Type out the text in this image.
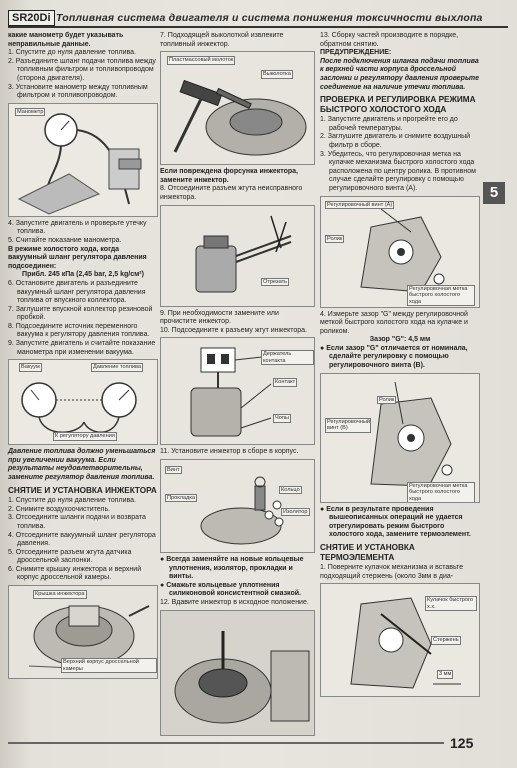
SR20Di Топливная система двигателя и система понижения токсичности выхлопа

какие манометр будет указывать неправильные данные.

1. Спустите до нуля давление топлива.
2. Разъедините шланг подачи топлива между топливным фильтром и топливопроводом (сторона двигателя).
3. Установите манометр между топливным фильтром и топливопроводом.
Манометр
4. Запустите двигатель и проверьте утечку топлива.
5. Считайте показание манометра.

В режиме холостого хода, когда вакуумный шланг регулятора давления подсоединен:

Прибл. 245 кПа (2,45 bar, 2,5 kg/см²)

6. Остановите двигатель и разъедините вакуумный шланг регулятора давления топлива от впускного коллектора.
7. Заглушите впускной коллектор резиновой пробкой.
8. Подсоедините источник переменного вакуума к регулятору давления топлива.
9. Запустите двигатель и считайте показание манометра при изменении вакуума.
Вакуум	Давление топлива
К регулятору давления

Давление топлива должно уменьшаться при увеличении вакуума. Если результаты неудовлетворительны, замените регулятор давления топлива.

СНЯТИЕ И УСТАНОВКА ИНЖЕКТОРА

1. Спустите до нуля давление топлива.
2. Снимите воздухоочиститель.
3. Отсоедините шланги подачи и возврата топлива.
4. Отсоедините вакуумный шланг регулятора давления.
5. Отсоедините разъем жгута датчика дроссельной заслонки.
6. Снимите крышку инжектора и верхний корпус дроссельной камеры.
Крышка инжектора
Верхний корпус дроссельной камеры

7. Подходящей выколоткой извлеките топливный инжектор.

Пластмассовый молоток
Выколотка

Если повреждена форсунка инжектора, замените инжектор.

8. Отсоедините разъем жгута неисправного инжектора.

Отрезать

9. При необходимости замените или прочистите инжектор.

10. Подсоедините к разъему жгут инжектора.

Держатель контакта
Контакт
Чопы

11. Установите инжектор в сборе в корпус.

Винт
Прокладка
Кольцо
Изолятор
● Всегда заменяйте на новые кольцевые уплотнения, изолятор, прокладки и винты.
● Смажьте кольцевые уплотнения силиконовой консистентной смазкой.

12. Вдавите инжектор в исходное положение.

13. Сборку частей производите в порядке, обратном снятию.

ПРЕДУПРЕЖДЕНИЕ:

После подключения шланга подачи топлива к верхней части корпуса дроссельной заслонки и регулятору давления проверьте соединение на наличие утечки топлива.

ПРОВЕРКА И РЕГУЛИРОВКА РЕЖИМА БЫСТРОГО ХОЛОСТОГО ХОДА

1. Запустите двигатель и прогрейте его до рабочей температуры.
2. Заглушите двигатель и снимите воздушный фильтр в сборе.
3. Убедитесь, что регулировочная метка на кулачке механизма быстрого холостого хода расположена по центру ролика. В противном случае сделайте регулировку с помощью регулировочного винта (А).
Регулировочный винт (А)
Ролик
Регулировочная метка быстрого холостого хода

4. Измерьте зазор "G" между регулировочной меткой быстрого холостого хода на кулачке и роликом.

Зазор "G": 4,5 мм

● Если зазор "G" отличается от номинала, сделайте регулировку с помощью регулировочного винта (В).
Ролик
Регулировочный винт (В)
Регулировочная метка быстрого холостого хода
● Если в результате проведения вышеописанных операций не удается отрегулировать режим быстрого холостого хода, замените термоэлемент.

СНЯТИЕ И УСТАНОВКА ТЕРМОЭЛЕМЕНТА

1. Поверните кулачок механизма и вставьте подходящий стержень (около 3мм в диа-

Кулачок быстрого х.х.
Стержень
3 мм
5
125
